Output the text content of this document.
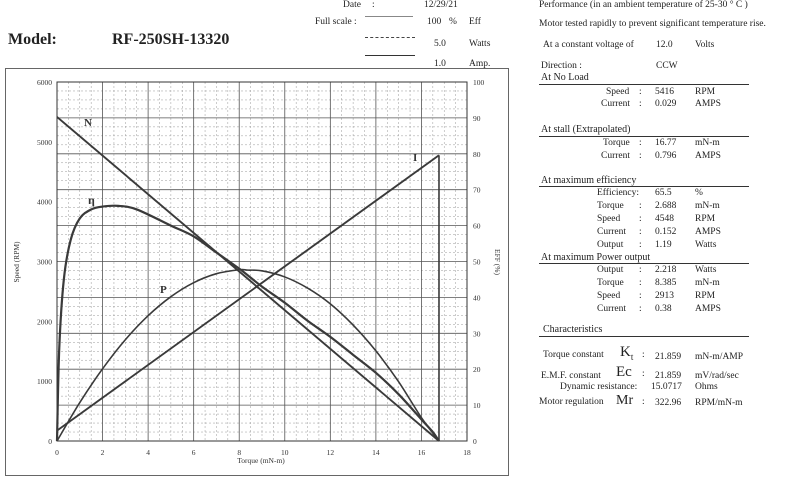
Model:	RF-250SH-13320
Date :	12/29/21
Full scale :	100 % Eff
5.0 Watts
1.0 Amp.
Performance (in an ambient temperature of 25-30 ° C )
Motor tested rapidly to prevent significant temperature rise.
At a constant voltage of 12.0 Volts
Direction :	CCW
At No Load
Speed : 5416 RPM
Current : 0.029 AMPS
At stall (Extrapolated)
Torque : 16.77 mN-m
Current : 0.796 AMPS
At maximum efficiency
Efficiency: 65.5 %
Torque : 2.688 mN-m
Speed : 4548 RPM
Current : 0.152 AMPS
Output : 1.19 Watts
At maximum Power output
Output : 2.218 Watts
Torque : 8.385 mN-m
Speed : 2913 RPM
Current : 0.38 AMPS
Characteristics
Torque constant $K_t$ : 21.859 mN-m/AMP
E.M.F. constant Ec : 21.859 mV/rad/sec
Dynamic resistance: 15.0717 Ohms
Motor regulation Mr : 322.96 RPM/mN-m
0	2	4	6	8	10	12	14	16	18
0
1000
2000
3000
4000
5000
6000
0
10
20
30
40
50
60
70
80
90
100
Torque (mN-m)
Speed (RPM)	EFF (%)
N
I
P
η
